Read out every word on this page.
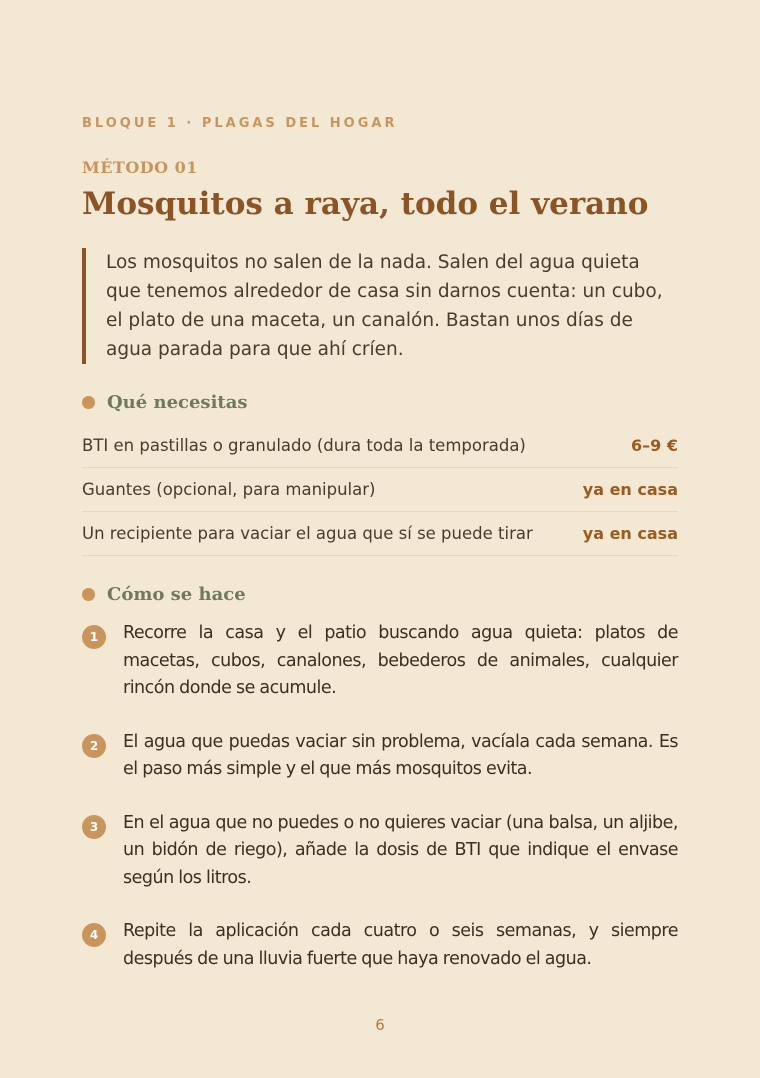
BLOQUE 1 · PLAGAS DEL HOGAR
MÉTODO 01
Mosquitos a raya, todo el verano

Los mosquitos no salen de la nada. Salen del agua quieta que tenemos alrededor de casa sin darnos cuenta: un cubo, el plato de una maceta, un canalón. Bastan unos días de agua parada para que ahí críen.

Qué necesitas
BTI en pastillas o granulado (dura toda la temporada)	6–9 €
Guantes (opcional, para manipular)	ya en casa
Un recipiente para vaciar el agua que sí se puede tirar	ya en casa
Cómo se hace
1	Recorre la casa y el patio buscando agua quieta: platos de macetas, cubos, canalones, bebederos de animales, cualquier rincón donde se acumule.
2	El agua que puedas vaciar sin problema, vacíala cada semana. Es el paso más simple y el que más mosquitos evita.
3	En el agua que no puedes o no quieres vaciar (una balsa, un aljibe, un bidón de riego), añade la dosis de BTI que indique el envase según los litros.
4	Repite la aplicación cada cuatro o seis semanas, y siempre después de una lluvia fuerte que haya renovado el agua.
6
